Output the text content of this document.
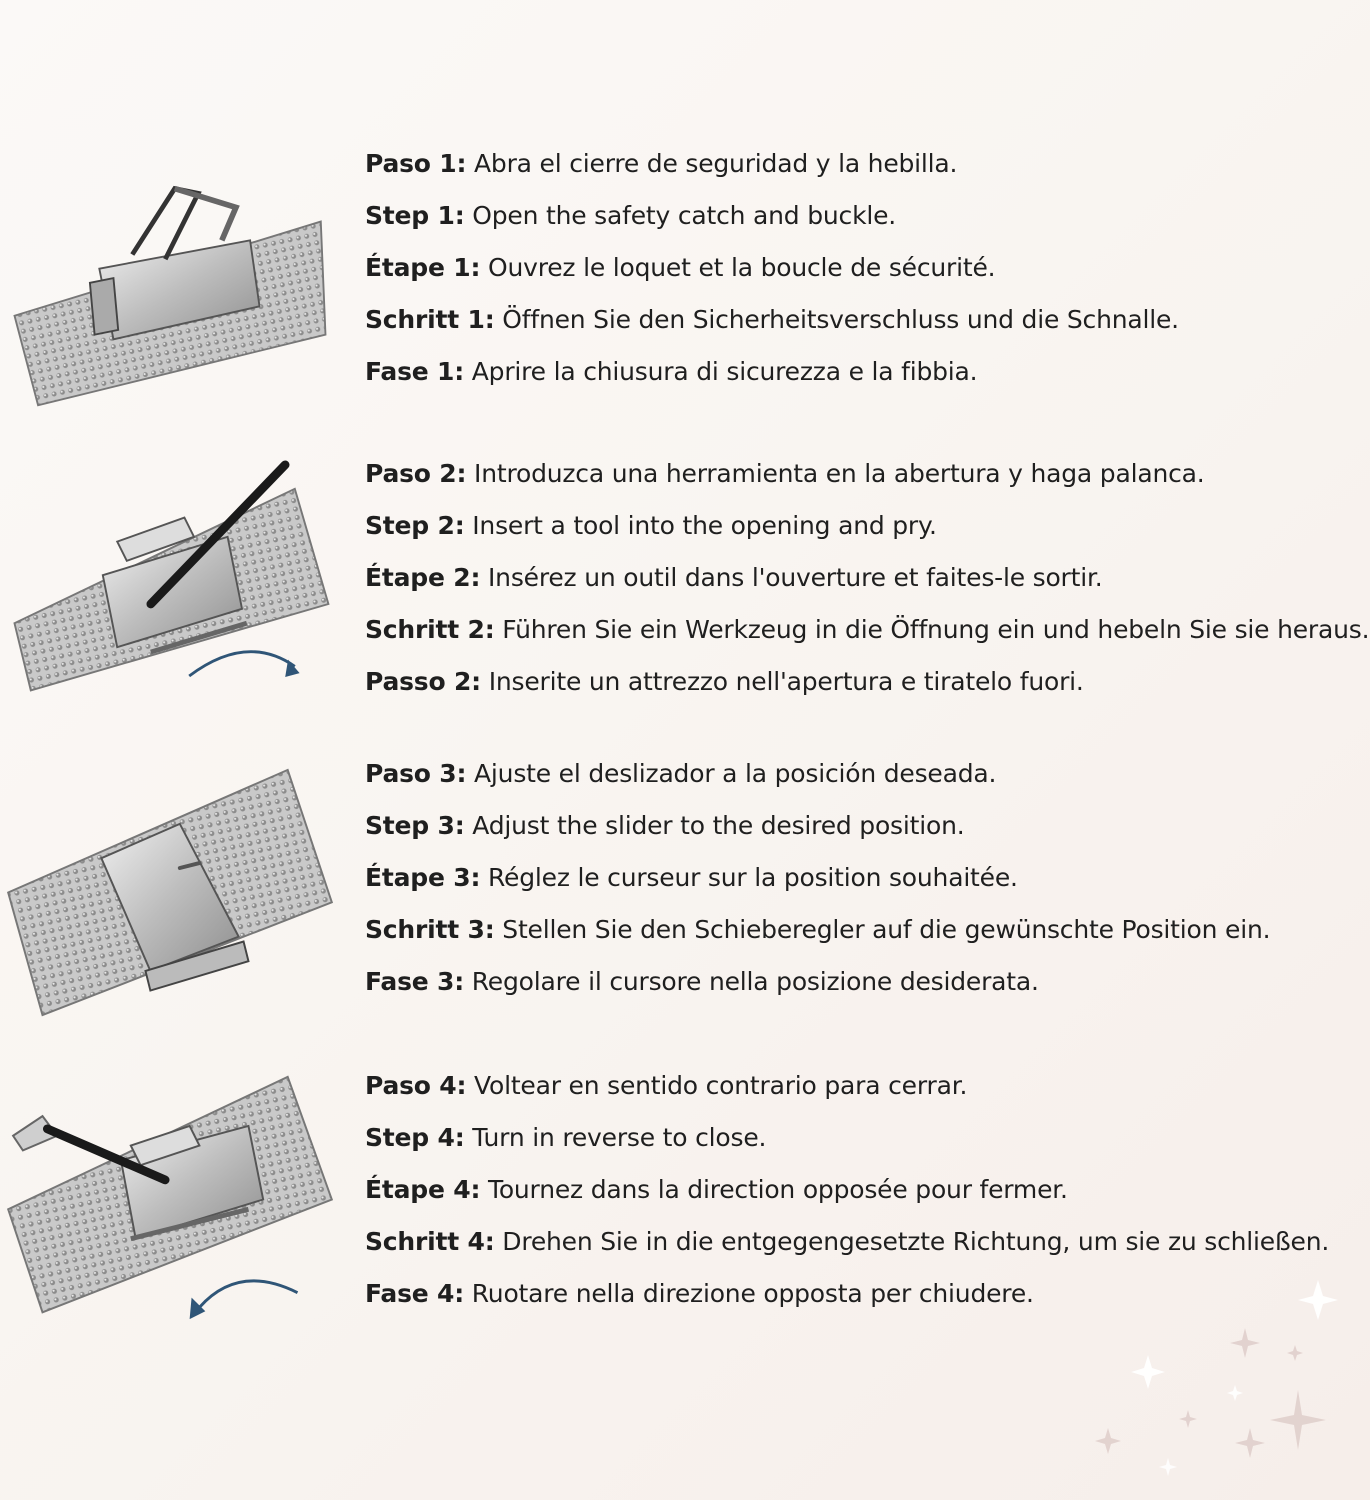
Paso 1: Abra el cierre de seguridad y la hebilla.
Step 1: Open the safety catch and buckle.
Étape 1: Ouvrez le loquet et la boucle de sécurité.
Schritt 1: Öffnen Sie den Sicherheitsverschluss und die Schnalle.
Fase 1: Aprire la chiusura di sicurezza e la fibbia.
Paso 2: Introduzca una herramienta en la abertura y haga palanca.
Step 2: Insert a tool into the opening and pry.
Étape 2: Insérez un outil dans l'ouverture et faites-le sortir.
Schritt 2: Führen Sie ein Werkzeug in die Öffnung ein und hebeln Sie sie heraus.
Passo 2: Inserite un attrezzo nell'apertura e tiratelo fuori.
Paso 3: Ajuste el deslizador a la posición deseada.
Step 3: Adjust the slider to the desired position.
Étape 3: Réglez le curseur sur la position souhaitée.
Schritt 3: Stellen Sie den Schieberegler auf die gewünschte Position ein.
Fase 3: Regolare il cursore nella posizione desiderata.
Paso 4: Voltear en sentido contrario para cerrar.
Step 4: Turn in reverse to close.
Étape 4: Tournez dans la direction opposée pour fermer.
Schritt 4: Drehen Sie in die entgegengesetzte Richtung, um sie zu schließen.
Fase 4: Ruotare nella direzione opposta per chiudere.
